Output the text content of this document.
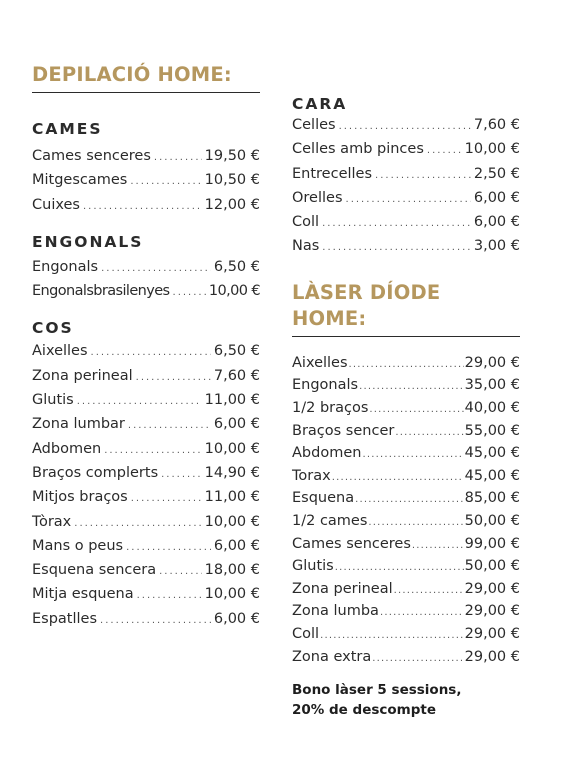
DEPILACIÓ HOME:
CAMES
Cames senceres .....	19,50 €
Mitgescames .....	10,50 €
Cuixes .....	12,00 €
ENGONALS
Engonals .....	6,50 €
Engonalsbrasilenyes .....	10,00 €
COS
Aixelles .....	6,50 €
Zona perineal .....	7,60 €
Glutis .....	11,00 €
Zona lumbar .....	6,00 €
Adbomen .....	10,00 €
Braços complerts .....	14,90 €
Mitjos braços .....	11,00 €
Tòrax .....	10,00 €
Mans o peus .....	6,00 €
Esquena sencera .....	18,00 €
Mitja esquena .....	10,00 €
Espatlles .....	6,00 €
CARA
Celles .....	7,60 €
Celles amb pinces .....	10,00 €
Entrecelles .....	2,50 €
Orelles .....	6,00 €
Coll .....	6,00 €
Nas .....	3,00 €
LÀSER DÍODE HOME:
Aixelles .....	29,00 €
Engonals .....	35,00 €
1/2 braços .....	40,00 €
Braços sencer .....	55,00 €
Abdomen .....	45,00 €
Torax .....	45,00 €
Esquena .....	85,00 €
1/2 cames .....	50,00 €
Cames senceres .....	99,00 €
Glutis .....	50,00 €
Zona perineal .....	29,00 €
Zona lumba .....	29,00 €
Coll .....	29,00 €
Zona extra .....	29,00 €
Bono làser 5 sessions,
20% de descompte
